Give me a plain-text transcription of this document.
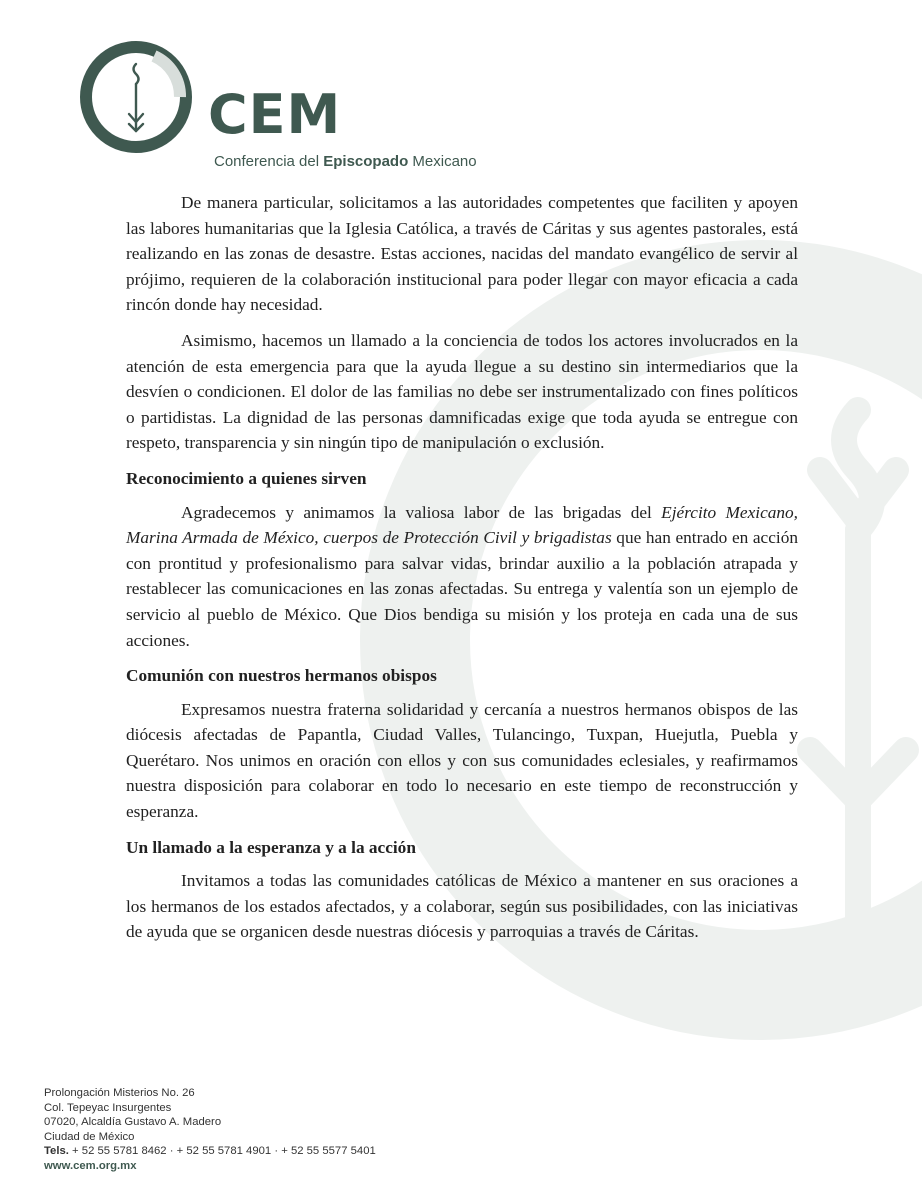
CEM
Conferencia del Episcopado Mexicano

De manera particular, solicitamos a las autoridades competentes que faciliten y apoyen las labores humanitarias que la Iglesia Católica, a través de Cáritas y sus agentes pastorales, está realizando en las zonas de desastre. Estas acciones, nacidas del mandato evangélico de servir al prójimo, requieren de la colaboración institucional para poder llegar con mayor eficacia a cada rincón donde hay necesidad.

Asimismo, hacemos un llamado a la conciencia de todos los actores involucrados en la atención de esta emergencia para que la ayuda llegue a su destino sin intermediarios que la desvíen o condicionen. El dolor de las familias no debe ser instrumentalizado con fines políticos o partidistas. La dignidad de las personas damnificadas exige que toda ayuda se entregue con respeto, transparencia y sin ningún tipo de manipulación o exclusión.

Reconocimiento a quienes sirven

Agradecemos y animamos la valiosa labor de las brigadas del Ejército Mexicano, Marina Armada de México, cuerpos de Protección Civil y brigadistas que han entrado en acción con prontitud y profesionalismo para salvar vidas, brindar auxilio a la población atrapada y restablecer las comunicaciones en las zonas afectadas. Su entrega y valentía son un ejemplo de servicio al pueblo de México. Que Dios bendiga su misión y los proteja en cada una de sus acciones.

Comunión con nuestros hermanos obispos

Expresamos nuestra fraterna solidaridad y cercanía a nuestros hermanos obispos de las diócesis afectadas de Papantla, Ciudad Valles, Tulancingo, Tuxpan, Huejutla, Puebla y Querétaro. Nos unimos en oración con ellos y con sus comunidades eclesiales, y reafirmamos nuestra disposición para colaborar en todo lo necesario en este tiempo de reconstrucción y esperanza.

Un llamado a la esperanza y a la acción

Invitamos a todas las comunidades católicas de México a mantener en sus oraciones a los hermanos de los estados afectados, y a colaborar, según sus posibilidades, con las iniciativas de ayuda que se organicen desde nuestras diócesis y parroquias a través de Cáritas.

Prolongación Misterios No. 26
Col. Tepeyac Insurgentes
07020, Alcaldía Gustavo A. Madero
Ciudad de México
Tels. + 52 55 5781 8462 · + 52 55 5781 4901 · + 52 55 5577 5401
www.cem.org.mx
